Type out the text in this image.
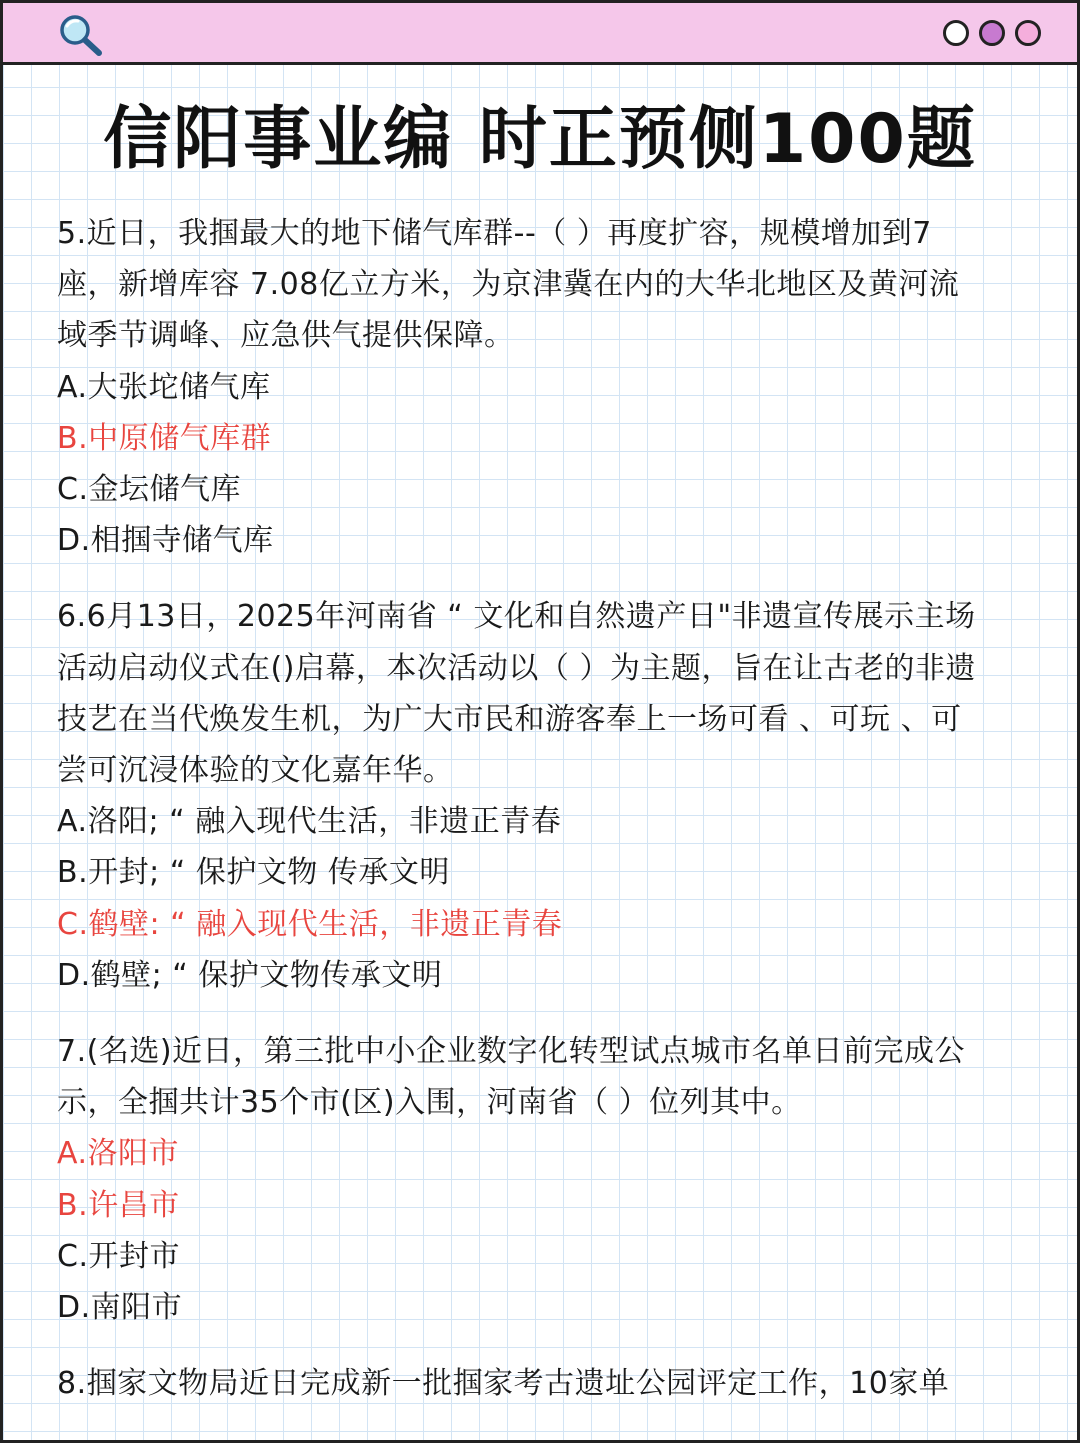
信阳事业编 时正预侧100题
5.近日，我掴最大的地下储气库群--（ ）再度扩容，规模增加到7
座，新增库容 7.08亿立方米，为京津冀在内的大华北地区及黄河流
域季节调峰、应急供气提供保障。
A.大张坨储气库
B.中原储气库群
C.金坛储气库
D.相掴寺储气库
6.6月13日，2025年河南省 “ 文化和自然遗产日"非遗宣传展示主场
活动启动仪式在()启幕，本次活动以（ ）为主题，旨在让古老的非遗
技艺在当代焕发生机，为广大市民和游客奉上一场可看 、可玩 、可
尝可沉浸体验的文化嘉年华。
A.洛阳; “ 融入现代生活，非遗正青春
B.开封; “ 保护文物 传承文明
C.鹤壁: “ 融入现代生活，非遗正青春
D.鹤壁; “ 保护文物传承文明
7.(名选)近日，第三批中小企业数字化转型试点城市名单日前完成公
示，全掴共计35个市(区)入围，河南省（ ）位列其中。
A.洛阳市
B.许昌市
C.开封市
D.南阳市
8.掴家文物局近日完成新一批掴家考古遗址公园评定工作，10家单
